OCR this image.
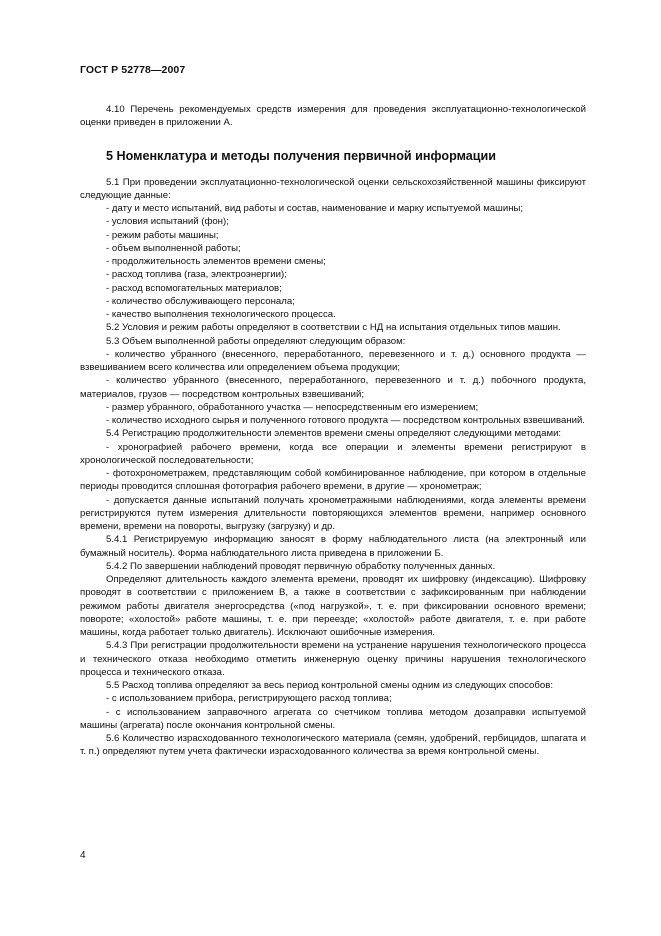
ГОСТ Р 52778—2007

4.10 Перечень рекомендуемых средств измерения для проведения эксплуатационно-технологической оценки приведен в приложении А.

5 Номенклатура и методы получения первичной информации

5.1 При проведении эксплуатационно-технологической оценки сельскохозяйственной машины фиксируют следующие данные:

- дату и место испытаний, вид работы и состав, наименование и марку испытуемой машины;

- условия испытаний (фон);

- режим работы машины;

- объем выполненной работы;

- продолжительность элементов времени смены;

- расход топлива (газа, электроэнергии);

- расход вспомогательных материалов;

- количество обслуживающего персонала;

- качество выполнения технологического процесса.

5.2 Условия и режим работы определяют в соответствии с НД на испытания отдельных типов машин.

5.3 Объем выполненной работы определяют следующим образом:

- количество убранного (внесенного, переработанного, перевезенного и т. д.) основного продукта — взвешиванием всего количества или определением объема продукции;

- количество убранного (внесенного, переработанного, перевезенного и т. д.) побочного продукта, материалов, грузов — посредством контрольных взвешиваний;

- размер убранного, обработанного участка — непосредственным его измерением;

- количество исходного сырья и полученного готового продукта — посредством контрольных взвешиваний.

5.4 Регистрацию продолжительности элементов времени смены определяют следующими методами:

- хронографией рабочего времени, когда все операции и элементы времени регистрируют в хронологической последовательности;

- фотохронометражем, представляющим собой комбинированное наблюдение, при котором в отдельные периоды проводится сплошная фотография рабочего времени, в другие — хронометраж;

- допускается данные испытаний получать хронометражными наблюдениями, когда элементы времени регистрируются путем измерения длительности повторяющихся элементов времени, например основного времени, времени на повороты, выгрузку (загрузку) и др.

5.4.1 Регистрируемую информацию заносят в форму наблюдательного листа (на электронный или бумажный носитель). Форма наблюдательного листа приведена в приложении Б.

5.4.2 По завершении наблюдений проводят первичную обработку полученных данных.

Определяют длительность каждого элемента времени, проводят их шифровку (индексацию). Шифровку проводят в соответствии с приложением В, а также в соответствии с зафиксированным при наблюдении режимом работы двигателя энергосредства («под нагрузкой», т. е. при фиксировании основного времени; повороте; «холостой» работе машины, т. е. при переезде; «холостой» работе двигателя, т. е. при работе машины, когда работает только двигатель). Исключают ошибочные измерения.

5.4.3 При регистрации продолжительности времени на устранение нарушения технологического процесса и технического отказа необходимо отметить инженерную оценку причины нарушения технологического процесса и технического отказа.

5.5 Расход топлива определяют за весь период контрольной смены одним из следующих способов:

- с использованием прибора, регистрирующего расход топлива;

- с использованием заправочного агрегата со счетчиком топлива методом дозаправки испытуемой машины (агрегата) после окончания контрольной смены.

5.6 Количество израсходованного технологического материала (семян, удобрений, гербицидов, шпагата и т. п.) определяют путем учета фактически израсходованного количества за время контрольной смены.

4
